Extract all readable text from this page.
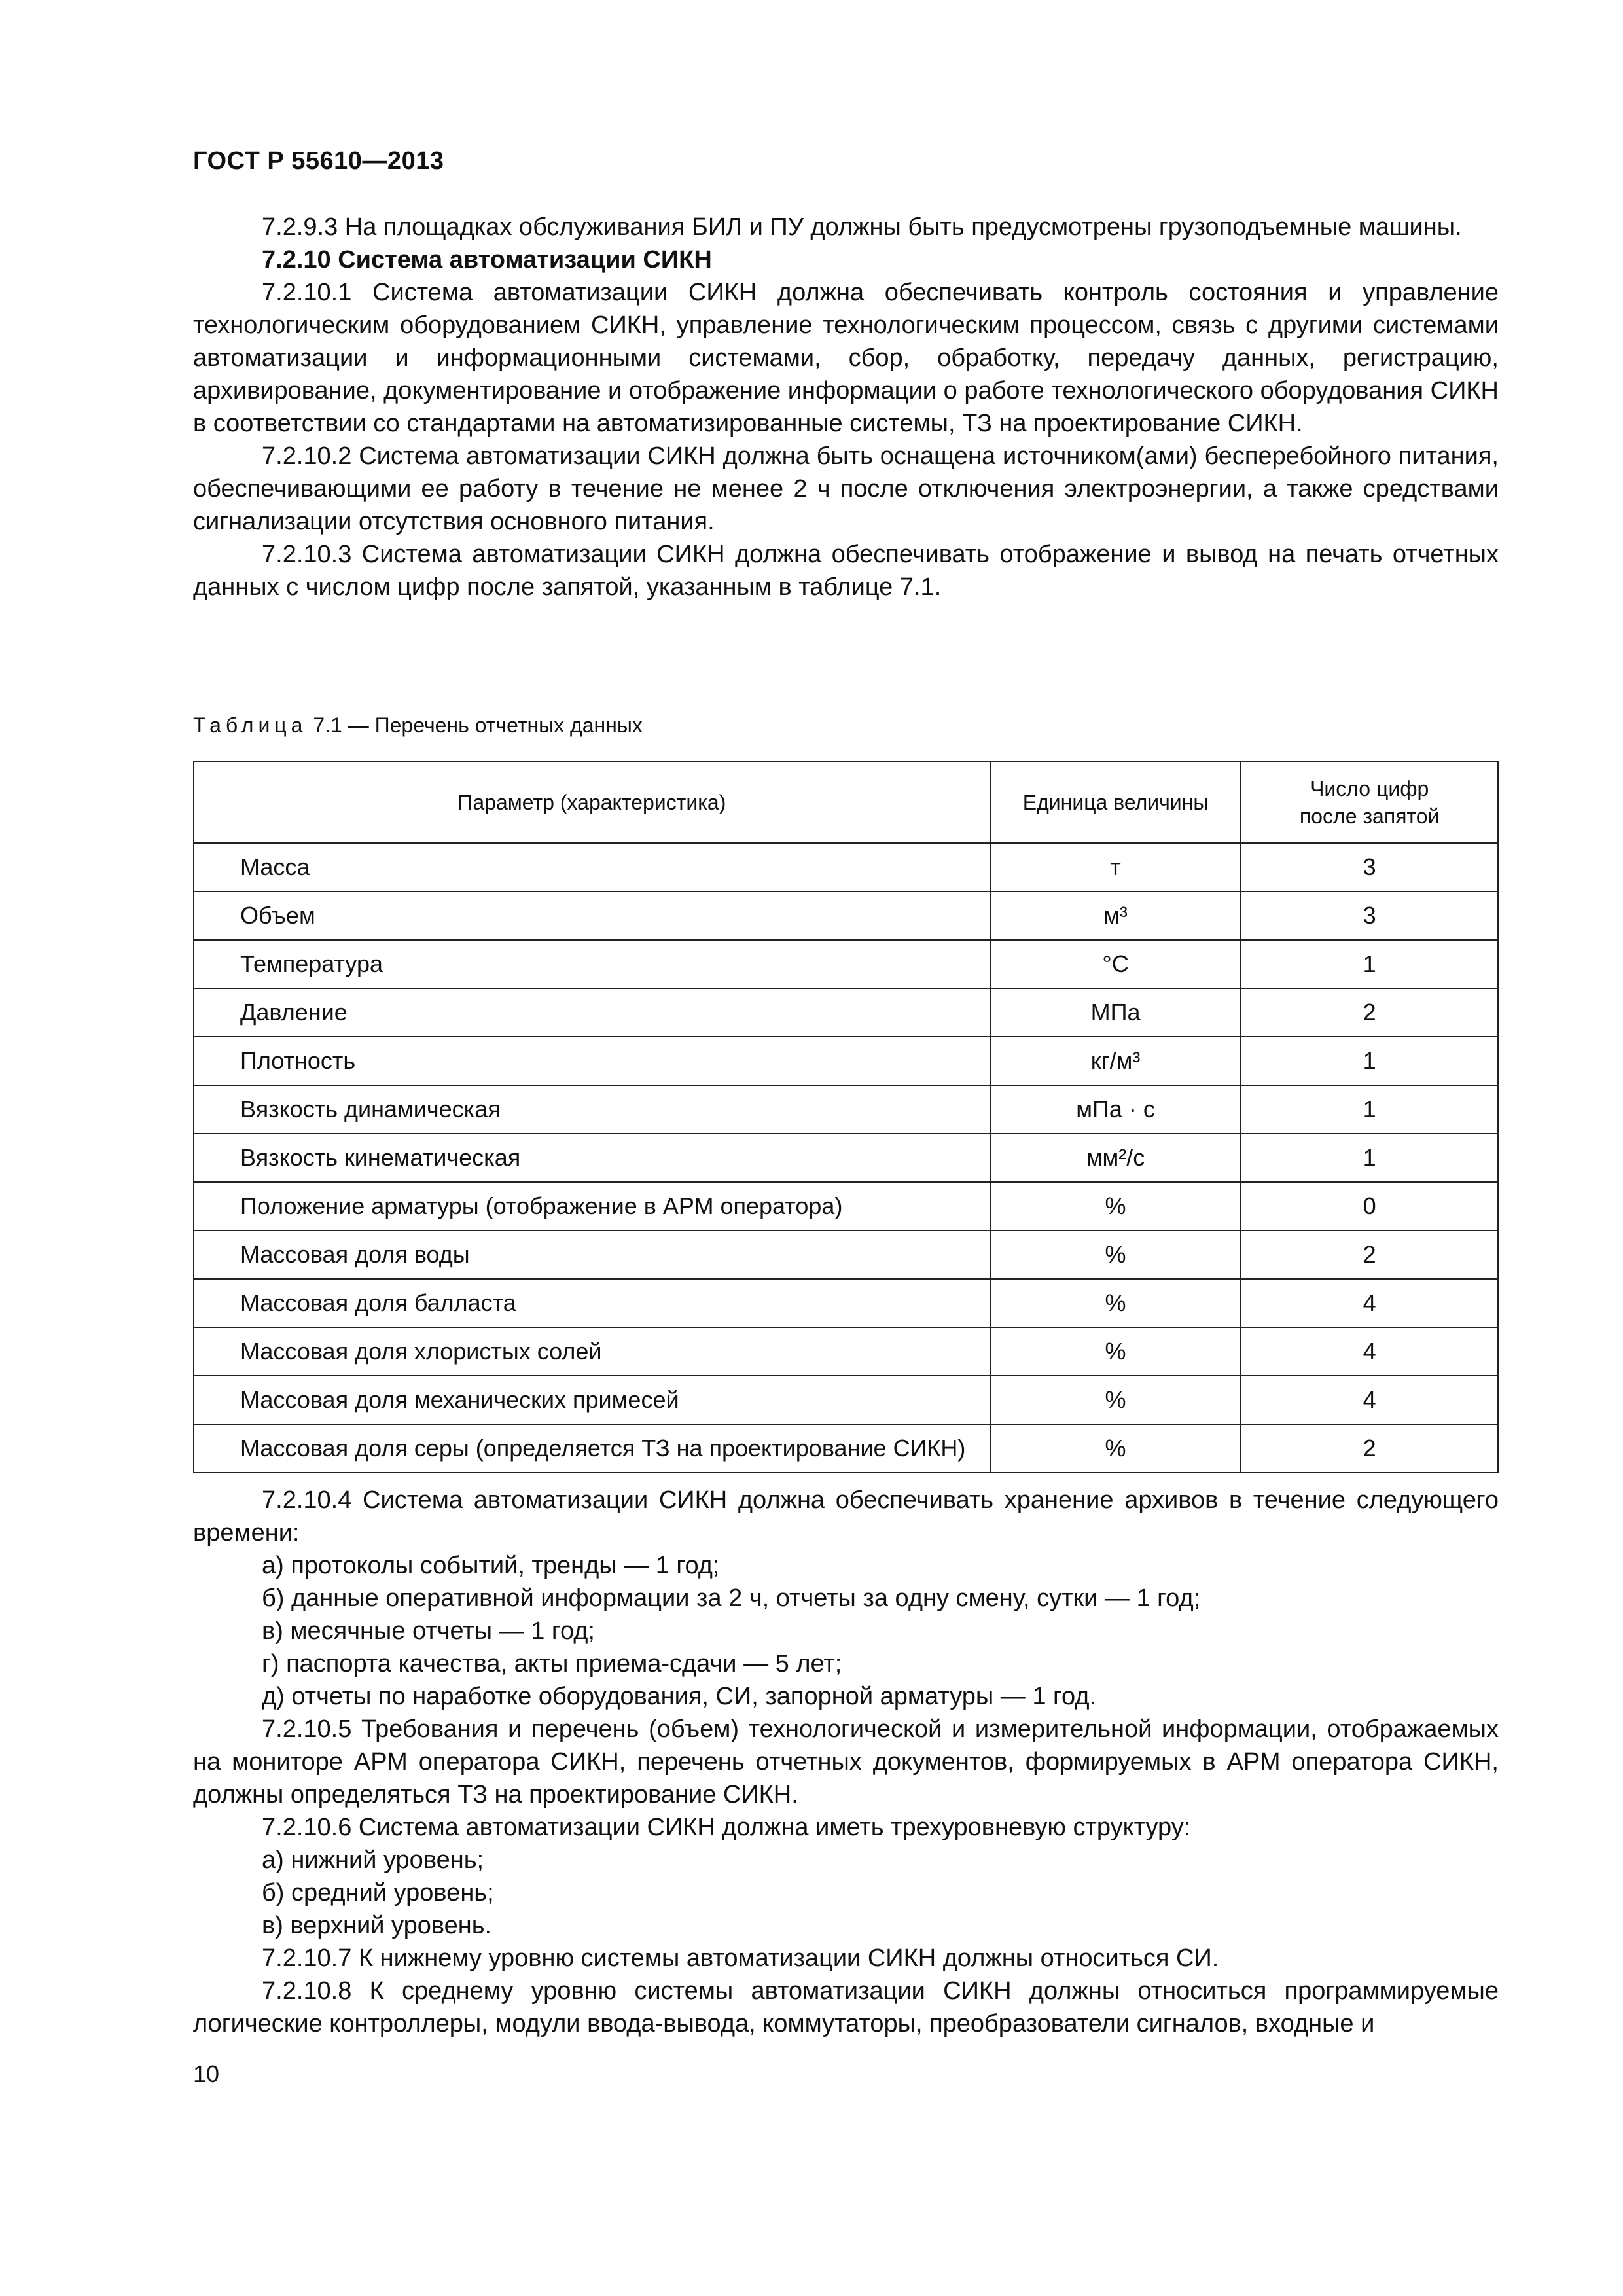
ГОСТ Р 55610—2013

7.2.9.3 На площадках обслуживания БИЛ и ПУ должны быть предусмотрены грузоподъемные машины.

7.2.10 Система автоматизации СИКН

7.2.10.1 Система автоматизации СИКН должна обеспечивать контроль состояния и управление технологическим оборудованием СИКН, управление технологическим процессом, связь с другими системами автоматизации и информационными системами, сбор, обработку, передачу данных, регистрацию, архивирование, документирование и отображение информации о работе технологического оборудования СИКН в соответствии со стандартами на автоматизированные системы, ТЗ на проектирование СИКН.

7.2.10.2 Система автоматизации СИКН должна быть оснащена источником(ами) бесперебойного питания, обеспечивающими ее работу в течение не менее 2 ч после отключения электроэнергии, а также средствами сигнализации отсутствия основного питания.

7.2.10.3 Система автоматизации СИКН должна обеспечивать отображение и вывод на печать отчетных данных с числом цифр после запятой, указанным в таблице 7.1.

Таблица 7.1 — Перечень отчетных данных
Параметр (характеристика)	Единица величины	Число цифр
после запятой

Масса	т	3
Объем	м³	3
Температура	°С	1
Давление	МПа	2
Плотность	кг/м³	1
Вязкость динамическая	мПа · с	1
Вязкость кинематическая	мм²/с	1
Положение арматуры (отображение в АРМ оператора)	%	0
Массовая доля воды	%	2
Массовая доля балласта	%	4
Массовая доля хлористых солей	%	4
Массовая доля механических примесей	%	4
Массовая доля серы (определяется ТЗ на проектирование СИКН)	%	2

7.2.10.4 Система автоматизации СИКН должна обеспечивать хранение архивов в течение следующего времени:

а) протоколы событий, тренды — 1 год;

б) данные оперативной информации за 2 ч, отчеты за одну смену, сутки — 1 год;

в) месячные отчеты — 1 год;

г) паспорта качества, акты приема-сдачи — 5 лет;

д) отчеты по наработке оборудования, СИ, запорной арматуры — 1 год.

7.2.10.5 Требования и перечень (объем) технологической и измерительной информации, отображаемых на мониторе АРМ оператора СИКН, перечень отчетных документов, формируемых в АРМ оператора СИКН, должны определяться ТЗ на проектирование СИКН.

7.2.10.6 Система автоматизации СИКН должна иметь трехуровневую структуру:

а) нижний уровень;

б) средний уровень;

в) верхний уровень.

7.2.10.7 К нижнему уровню системы автоматизации СИКН должны относиться СИ.

7.2.10.8 К среднему уровню системы автоматизации СИКН должны относиться программируемые логические контроллеры, модули ввода-вывода, коммутаторы, преобразователи сигналов, входные и

10
